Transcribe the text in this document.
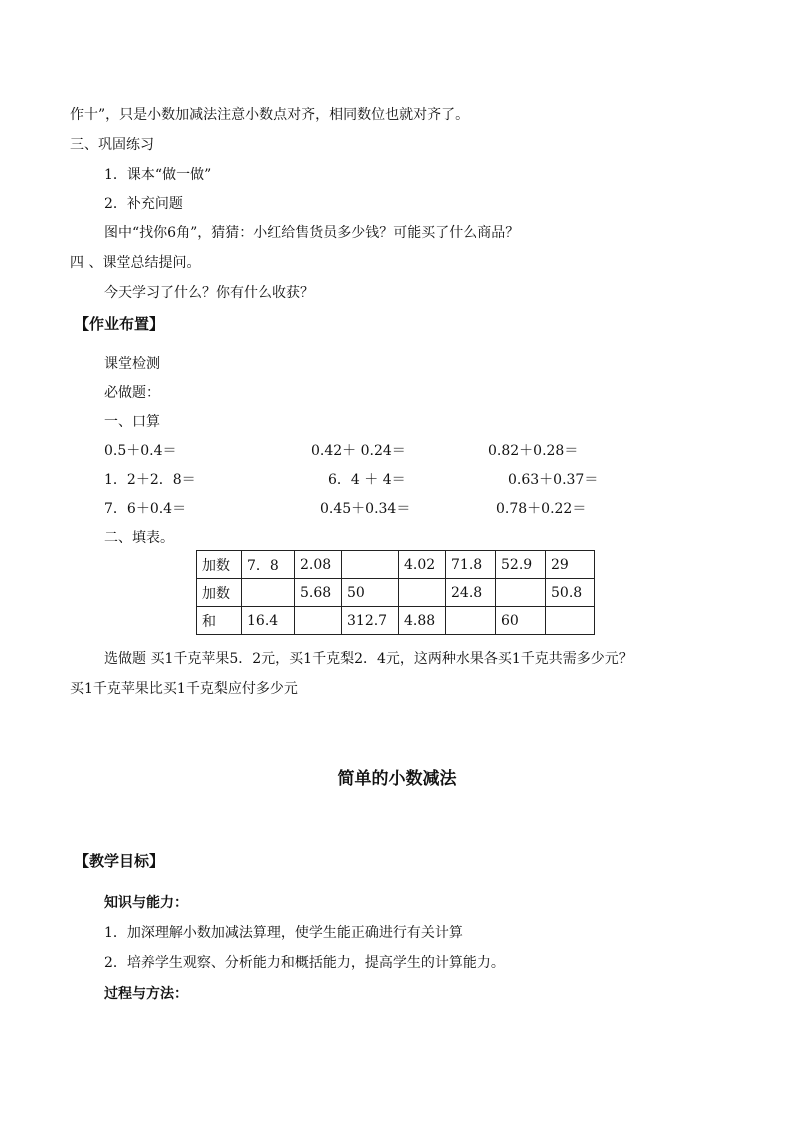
作十”，只是小数加减法注意小数点对齐，相同数位也就对齐了。
三、巩固练习
1．课本“做一做”
2．补充问题
图中“找你6角”，猜猜：小红给售货员多少钱？可能买了什么商品？
四 、课堂总结提问。
今天学习了什么？你有什么收获？
【作业布置】
课堂检测
必做题：
一、口算
0.5＋0.4＝	0.42＋ 0.24＝	0.82＋0.28＝
1．2＋2．8＝	6．4 ＋ 4＝	0.63＋0.37＝
7．6＋0.4＝	0.45＋0.34＝	0.78＋0.22＝
二、填表。
加数	7．8	2.08		4.02	71.8	52.9	29
加数		5.68	50		24.8		50.8
和	16.4		312.7	4.88		60	
选做题 买1千克苹果5．2元，买1千克梨2．4元，这两种水果各买1千克共需多少元？
买1千克苹果比买1千克梨应付多少元
简单的小数减法
【教学目标】
知识与能力：
1．加深理解小数加减法算理，使学生能正确进行有关计算
2．培养学生观察、分析能力和概括能力，提高学生的计算能力。
过程与方法：
